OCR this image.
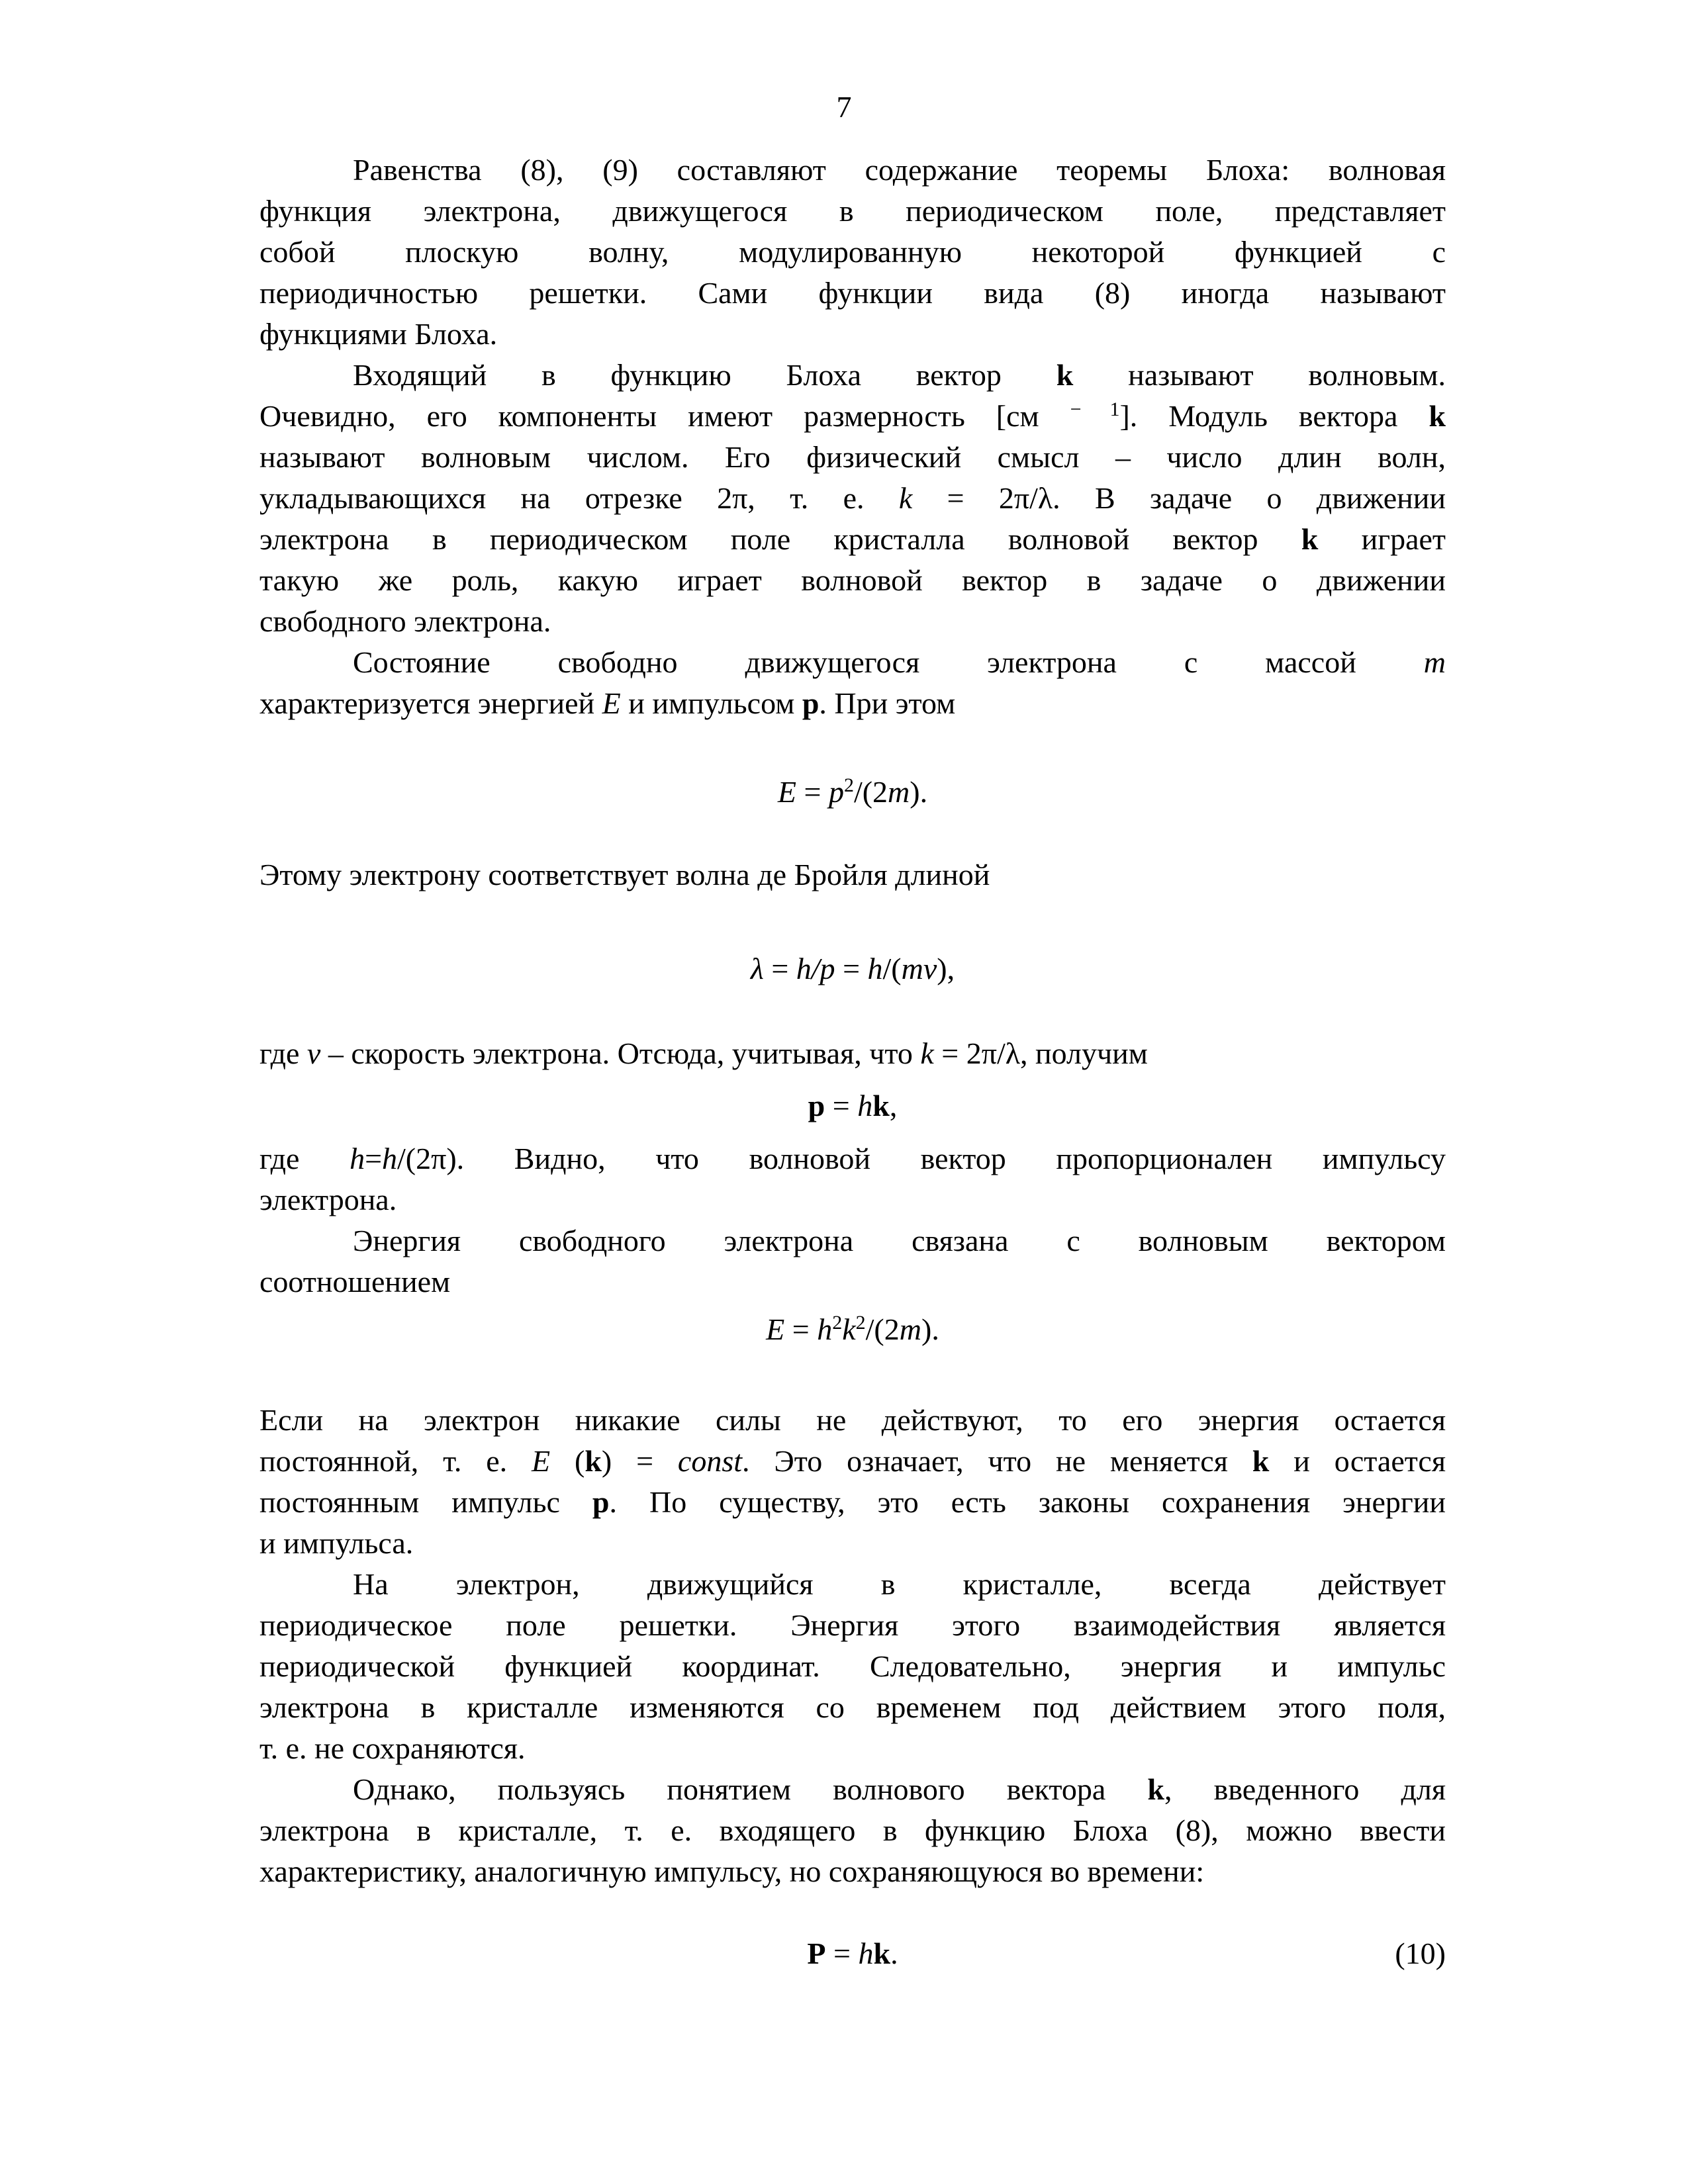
7
Равенства (8), (9) составляют содержание теоремы Блоха: волновая
функция электрона, движущегося в периодическом поле, представляет
собой плоскую волну, модулированную некоторой функцией с
периодичностью решетки. Сами функции вида (8) иногда называют
функциями Блоха.
Входящий в функцию Блоха вектор k называют волновым.
Очевидно, его компоненты имеют размерность [см $^{- 1}$]. Модуль вектора k
называют волновым числом. Его физический смысл – число длин волн,
укладывающихся на отрезке 2π, т. е. k = 2π/λ. В задаче о движении
электрона в периодическом поле кристалла волновой вектор k играет
такую же роль, какую играет волновой вектор в задаче о движении
свободного электрона.
Состояние свободно движущегося электрона с массой m
характеризуется энергией E и импульсом p. При этом
$E = p^2/(2m)$.
Этому электрону соответствует волна де Бройля длиной
λ = h/p = h/(mv),
где v – скорость электрона. Отсюда, учитывая, что k = 2π/λ, получим
p = hk,
где h=h/(2π). Видно, что волновой вектор пропорционален импульсу
электрона.
Энергия свободного электрона связана с волновым вектором
соотношением
$E = h^2k^2/(2m)$.
Если на электрон никакие силы не действуют, то его энергия остается
постоянной, т. е. E (k) = const. Это означает, что не меняется k и остается
постоянным импульс p. По существу, это есть законы сохранения энергии
и импульса.
На электрон, движущийся в кристалле, всегда действует
периодическое поле решетки. Энергия этого взаимодействия является
периодической функцией координат. Следовательно, энергия и импульс
электрона в кристалле изменяются со временем под действием этого поля,
т. е. не сохраняются.
Однако, пользуясь понятием волнового вектора k, введенного для
электрона в кристалле, т. е. входящего в функцию Блоха (8), можно ввести
характеристику, аналогичную импульсу, но сохраняющуюся во времени:
P = hk.	(10)
